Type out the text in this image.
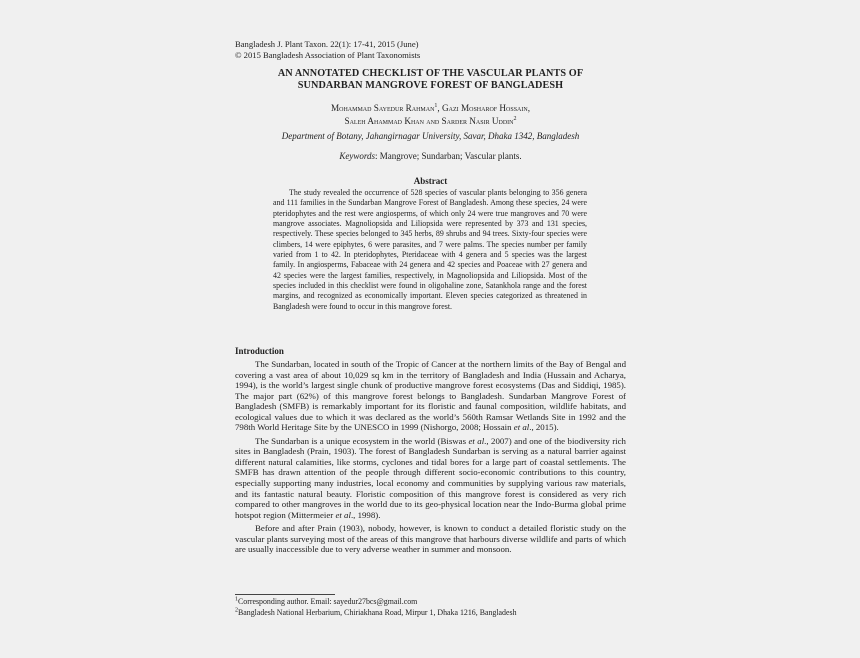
Bangladesh J. Plant Taxon. 22(1): 17-41, 2015 (June)
© 2015 Bangladesh Association of Plant Taxonomists
AN ANNOTATED CHECKLIST OF THE VASCULAR PLANTS OF
SUNDARBAN MANGROVE FOREST OF BANGLADESH
Mohammad Sayedur Rahman$^1$, Gazi Mosharof Hossain,
Saleh Ahammad Khan and Sarder Nasir Uddin$^2$
Department of Botany, Jahangirnagar University, Savar, Dhaka 1342, Bangladesh
Keywords: Mangrove; Sundarban; Vascular plants.
Abstract
The study revealed the occurrence of 528 species of vascular plants belonging to 356 genera and 111 families in the Sundarban Mangrove Forest of Bangladesh. Among these species, 24 were pteridophytes and the rest were angiosperms, of which only 24 were true mangroves and 70 were mangrove associates. Magnoliopsida and Liliopsida were represented by 373 and 131 species, respectively. These species belonged to 345 herbs, 89 shrubs and 94 trees. Sixty-four species were climbers, 14 were epiphytes, 6 were parasites, and 7 were palms. The species number per family varied from 1 to 42. In pteridophytes, Pteridaceae with 4 genera and 5 species was the largest family. In angiosperms, Fabaceae with 24 genera and 42 species and Poaceae with 27 genera and 42 species were the largest families, respectively, in Magnoliopsida and Liliopsida. Most of the species included in this checklist were found in oligohaline zone, Satankhola range and the forest margins, and recognized as economically important. Eleven species categorized as threatened in Bangladesh were found to occur in this mangrove forest.
Introduction

The Sundarban, located in south of the Tropic of Cancer at the northern limits of the Bay of Bengal and covering a vast area of about 10,029 sq km in the territory of Bangladesh and India (Hussain and Acharya, 1994), is the world’s largest single chunk of productive mangrove forest ecosystems (Das and Siddiqi, 1985). The major part (62%) of this mangrove forest belongs to Bangladesh. Sundarban Mangrove Forest of Bangladesh (SMFB) is remarkably important for its floristic and faunal composition, wildlife habitats, and ecological values due to which it was declared as the world’s 560th Ramsar Wetlands Site in 1992 and the 798th World Heritage Site by the UNESCO in 1999 (Nishorgo, 2008; Hossain et al., 2015).

The Sundarban is a unique ecosystem in the world (Biswas et al., 2007) and one of the biodiversity rich sites in Bangladesh (Prain, 1903). The forest of Bangladesh Sundarban is serving as a natural barrier against different natural calamities, like storms, cyclones and tidal bores for a large part of coastal settlements. The SMFB has drawn attention of the people through different socio-economic contributions to this country, especially supporting many industries, local economy and communities by supplying various raw materials, and its fantastic natural beauty. Floristic composition of this mangrove forest is considered as very rich compared to other mangroves in the world due to its geo-physical location near the Indo-Burma global prime hotspot region (Mittermeier et al., 1998).

Before and after Prain (1903), nobody, however, is known to conduct a detailed floristic study on the vascular plants surveying most of the areas of this mangrove that harbours diverse wildlife and parts of which are usually inaccessible due to very adverse weather in summer and monsoon.

$^1$Corresponding author. Email: sayedur27bcs@gmail.com
$^2$Bangladesh National Herbarium, Chiriakhana Road, Mirpur 1, Dhaka 1216, Bangladesh
